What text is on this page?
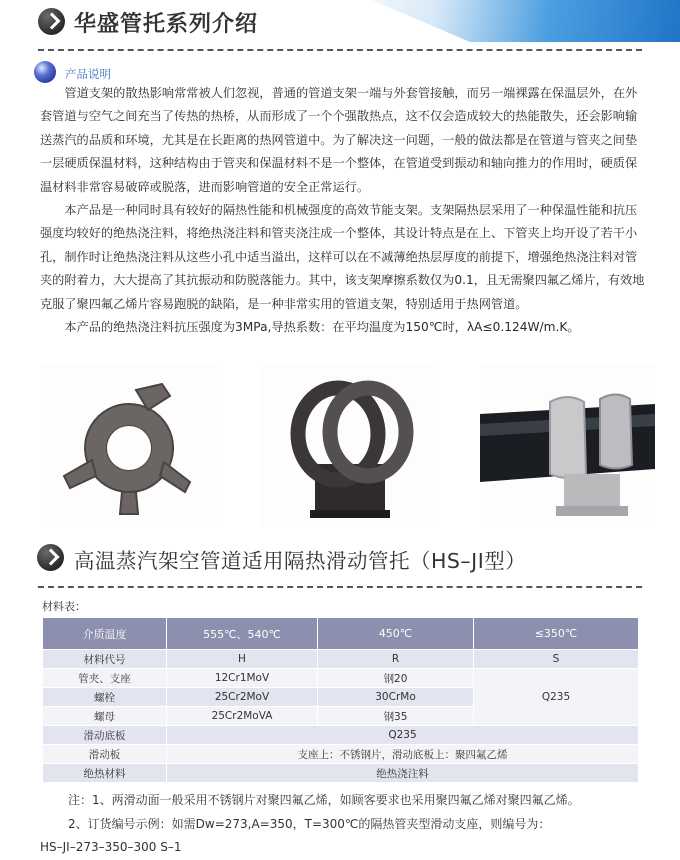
华盛管托系列介绍
产品说明

管道支架的散热影响常常被人们忽视，普通的管道支架一端与外套管接触，而另一端裸露在保温层外，在外套管道与空气之间充当了传热的热桥，从而形成了一个个强散热点，这不仅会造成较大的热能散失，还会影响输送蒸汽的品质和环境，尤其是在长距离的热网管道中。为了解决这一问题，一般的做法都是在管道与管夹之间垫一层硬质保温材料，这种结构由于管夹和保温材料不是一个整体，在管道受到振动和轴向推力的作用时，硬质保温材料非常容易破碎或脱落，进而影响管道的安全正常运行。

本产品是一种同时具有较好的隔热性能和机械强度的高效节能支架。支架隔热层采用了一种保温性能和抗压强度均较好的绝热浇注料，将绝热浇注料和管夹浇注成一个整体，其设计特点是在上、下管夹上均开设了若干小孔，制作时让绝热浇注料从这些小孔中适当溢出，这样可以在不减薄绝热层厚度的前提下，增强绝热浇注料对管夹的附着力，大大提高了其抗振动和防脱落能力。其中，该支架摩擦系数仅为0.1，且无需聚四氟乙烯片，有效地克服了聚四氟乙烯片容易跑脱的缺陷，是一种非常实用的管道支架，特别适用于热网管道。

本产品的绝热浇注料抗压强度为3MPa,导热系数：在平均温度为150℃时，λA≤0.124W/m.K。

高温蒸汽架空管道适用隔热滑动管托（HS–JI型）
材料表：
介质温度	555℃、540℃	450℃	≤350℃
材料代号	H	R	S
管夹、支座	12Cr1MoV	钢20	Q235
螺栓	25Cr2MoV	30CrMo	
螺母	25Cr2MoVA	钢35	
滑动底板	Q235		
滑动板	支座上：不锈钢片，滑动底板上：聚四氟乙烯		
绝热材料	绝热浇注料		
注：1、两滑动面一般采用不锈钢片对聚四氟乙烯，如顾客要求也采用聚四氟乙烯对聚四氟乙烯。
2、订货编号示例：如需Dw=273,A=350，T=300℃的隔热管夹型滑动支座，则编号为：
HS–JI–273–350–300 S–1
